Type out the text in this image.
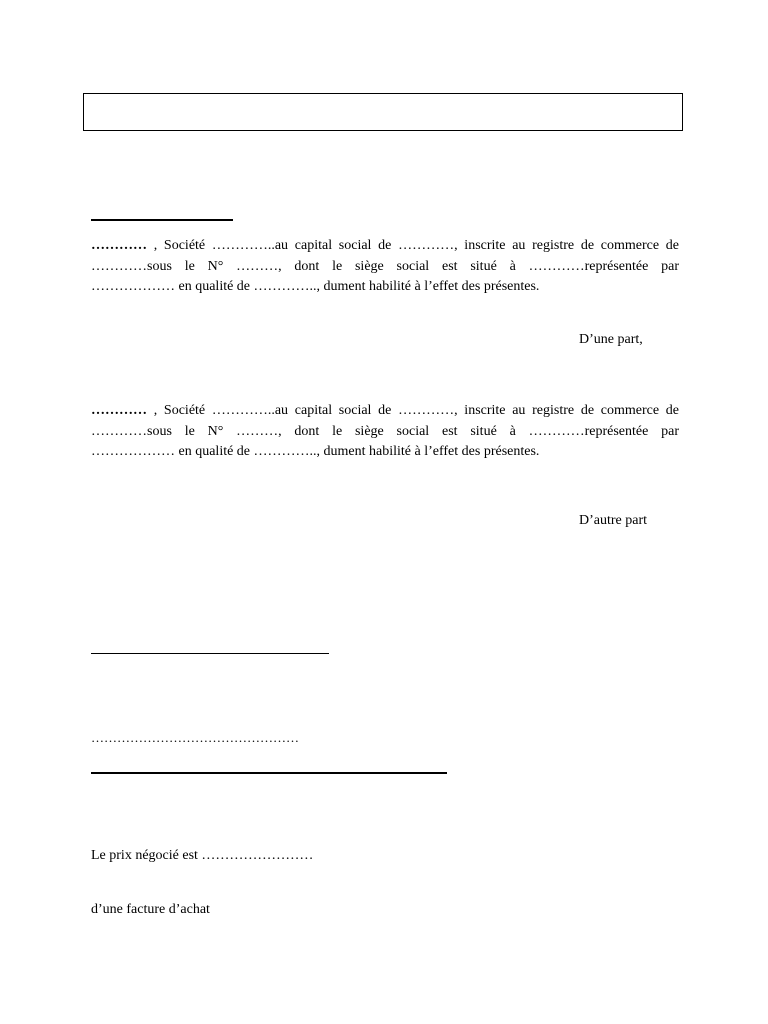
………… , Société …………..au capital social de …………, inscrite au registre de commerce de
…………sous le N° ………, dont le siège social est situé à …………représentée par
……………… en qualité de ………….., dument habilité à l’effet des présentes.
D’une part,
………… , Société …………..au capital social de …………, inscrite au registre de commerce de
…………sous le N° ………, dont le siège social est situé à …………représentée par
……………… en qualité de ………….., dument habilité à l’effet des présentes.
D’autre part
…………………………………………
Le prix négocié est ……………………
d’une facture d’achat
